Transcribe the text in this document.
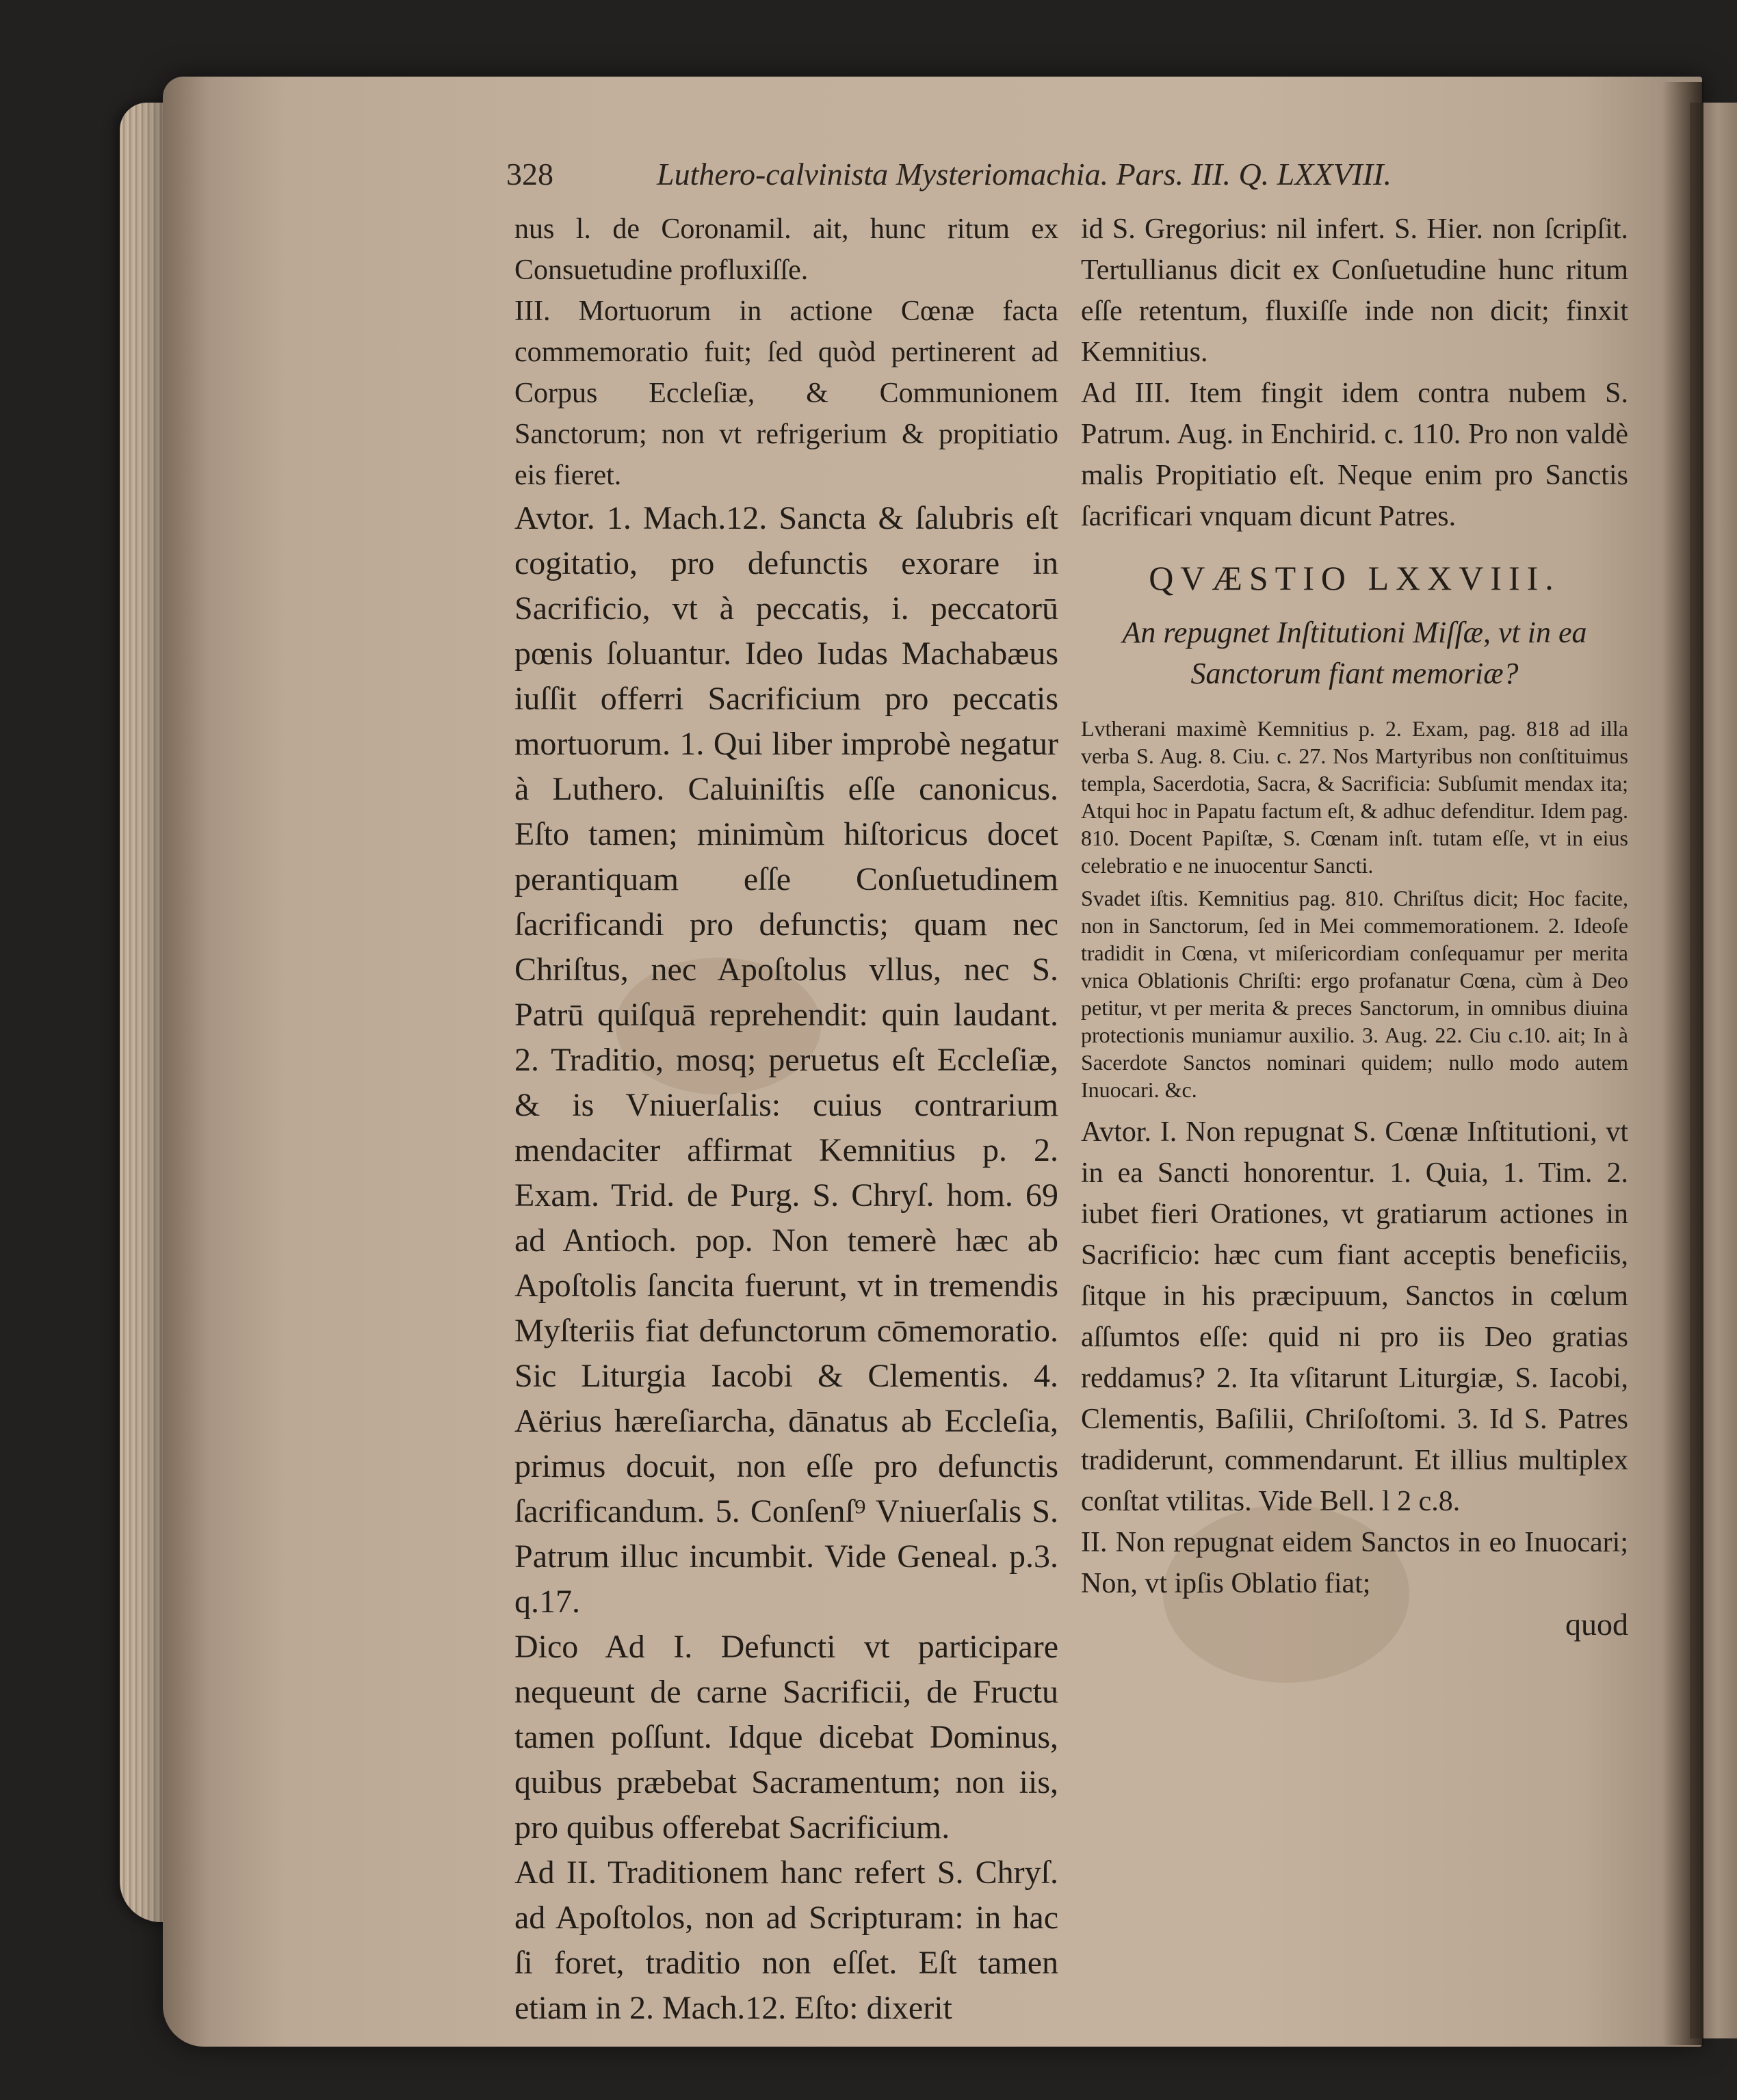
328	Luthero-calvinista Mysteriomachia. Pars. III. Q. LXXVIII.

nus l. de Coronamil. ait, hunc ritum ex Consuetudine profluxiſſe.

III. Mortuorum in actione Cœnæ facta commemoratio fuit; ſed quòd pertinerent ad Corpus Eccleſiæ, & Communionem Sanctorum; non vt refrigerium & propitiatio eis fieret.

Avtor. 1. Mach.12. Sancta & ſalubris eſt cogitatio, pro defunctis exorare in Sacrificio, vt à peccatis, i. peccatorū pœnis ſoluantur. Ideo Iudas Machabæus iuſſit offerri Sacrificium pro peccatis mortuorum. 1. Qui liber improbè negatur à Luthero. Caluiniſtis eſſe canonicus. Eſto tamen; minimùm hiſtoricus docet perantiquam eſſe Conſuetudinem ſacrificandi pro defunctis; quam nec Chriſtus, nec Apoſtolus vllus, nec S. Patrū quiſquā reprehendit: quin laudant. 2. Traditio, mosq; peruetus eſt Eccleſiæ, & is Vniuerſalis: cuius contrarium mendaciter affirmat Kemnitius p. 2. Exam. Trid. de Purg. S. Chryſ. hom. 69 ad Antioch. pop. Non temerè hæc ab Apoſtolis ſancita fuerunt, vt in tremendis Myſteriis fiat defunctorum cōmemoratio. Sic Liturgia Iacobi & Clementis. 4. Aërius hæreſiarcha, dānatus ab Eccleſia, primus docuit, non eſſe pro defunctis ſacrificandum. 5. Conſenſ⁹ Vniuerſalis S. Patrum illuc incumbit. Vide Geneal. p.3. q.17.

Dico Ad I. Defuncti vt participare nequeunt de carne Sacrificii, de Fructu tamen poſſunt. Idque dicebat Dominus, quibus præbebat Sacramentum; non iis, pro quibus offerebat Sacrificium.

Ad II. Traditionem hanc refert S. Chryſ. ad Apoſtolos, non ad Scripturam: in hac ſi foret, traditio non eſſet. Eſt tamen etiam in 2. Mach.12. Eſto: dixerit

id S. Gregorius: nil infert. S. Hier. non ſcripſit. Tertullianus dicit ex Conſuetudine hunc ritum eſſe retentum, fluxiſſe inde non dicit; finxit Kemnitius.

Ad III. Item fingit idem contra nubem S. Patrum. Aug. in Enchirid. c. 110. Pro non valdè malis Propitiatio eſt. Neque enim pro Sanctis ſacrificari vnquam dicunt Patres.

QVÆSTIO LXXVIII.

An repugnet Inſtitutioni Miſſæ, vt in ea Sanctorum fiant memoriæ?

Lvtherani maximè Kemnitius p. 2. Exam, pag. 818 ad illa verba S. Aug. 8. Ciu. c. 27. Nos Martyribus non conſtituimus templa, Sacerdotia, Sacra, & Sacrificia: Subſumit mendax ita; Atqui hoc in Papatu factum eſt, & adhuc defenditur. Idem pag. 810. Docent Papiſtæ, S. Cœnam inſt. tutam eſſe, vt in eius celebratio e ne inuocentur Sancti.

Svadet iſtis. Kemnitius pag. 810. Chriſtus dicit; Hoc facite, non in Sanctorum, ſed in Mei commemorationem. 2. Ideoſe tradidit in Cœna, vt miſericordiam conſequamur per merita vnica Oblationis Chriſti: ergo profanatur Cœna, cùm à Deo petitur, vt per merita & preces Sanctorum, in omnibus diuina protectionis muniamur auxilio. 3. Aug. 22. Ciu c.10. ait; In à Sacerdote Sanctos nominari quidem; nullo modo autem Inuocari. &c.

Avtor. I. Non repugnat S. Cœnæ Inſtitutioni, vt in ea Sancti honorentur. 1. Quia, 1. Tim. 2. iubet fieri Orationes, vt gratiarum actiones in Sacrificio: hæc cum fiant acceptis beneficiis, ſitque in his præcipuum, Sanctos in cœlum aſſumtos eſſe: quid ni pro iis Deo gratias reddamus? 2. Ita vſitarunt Liturgiæ, S. Iacobi, Clementis, Baſilii, Chriſoſtomi. 3. Id S. Patres tradiderunt, commendarunt. Et illius multiplex conſtat vtilitas. Vide Bell. l 2 c.8.

II. Non repugnat eidem Sanctos in eo Inuocari; Non, vt ipſis Oblatio fiat;

quod
